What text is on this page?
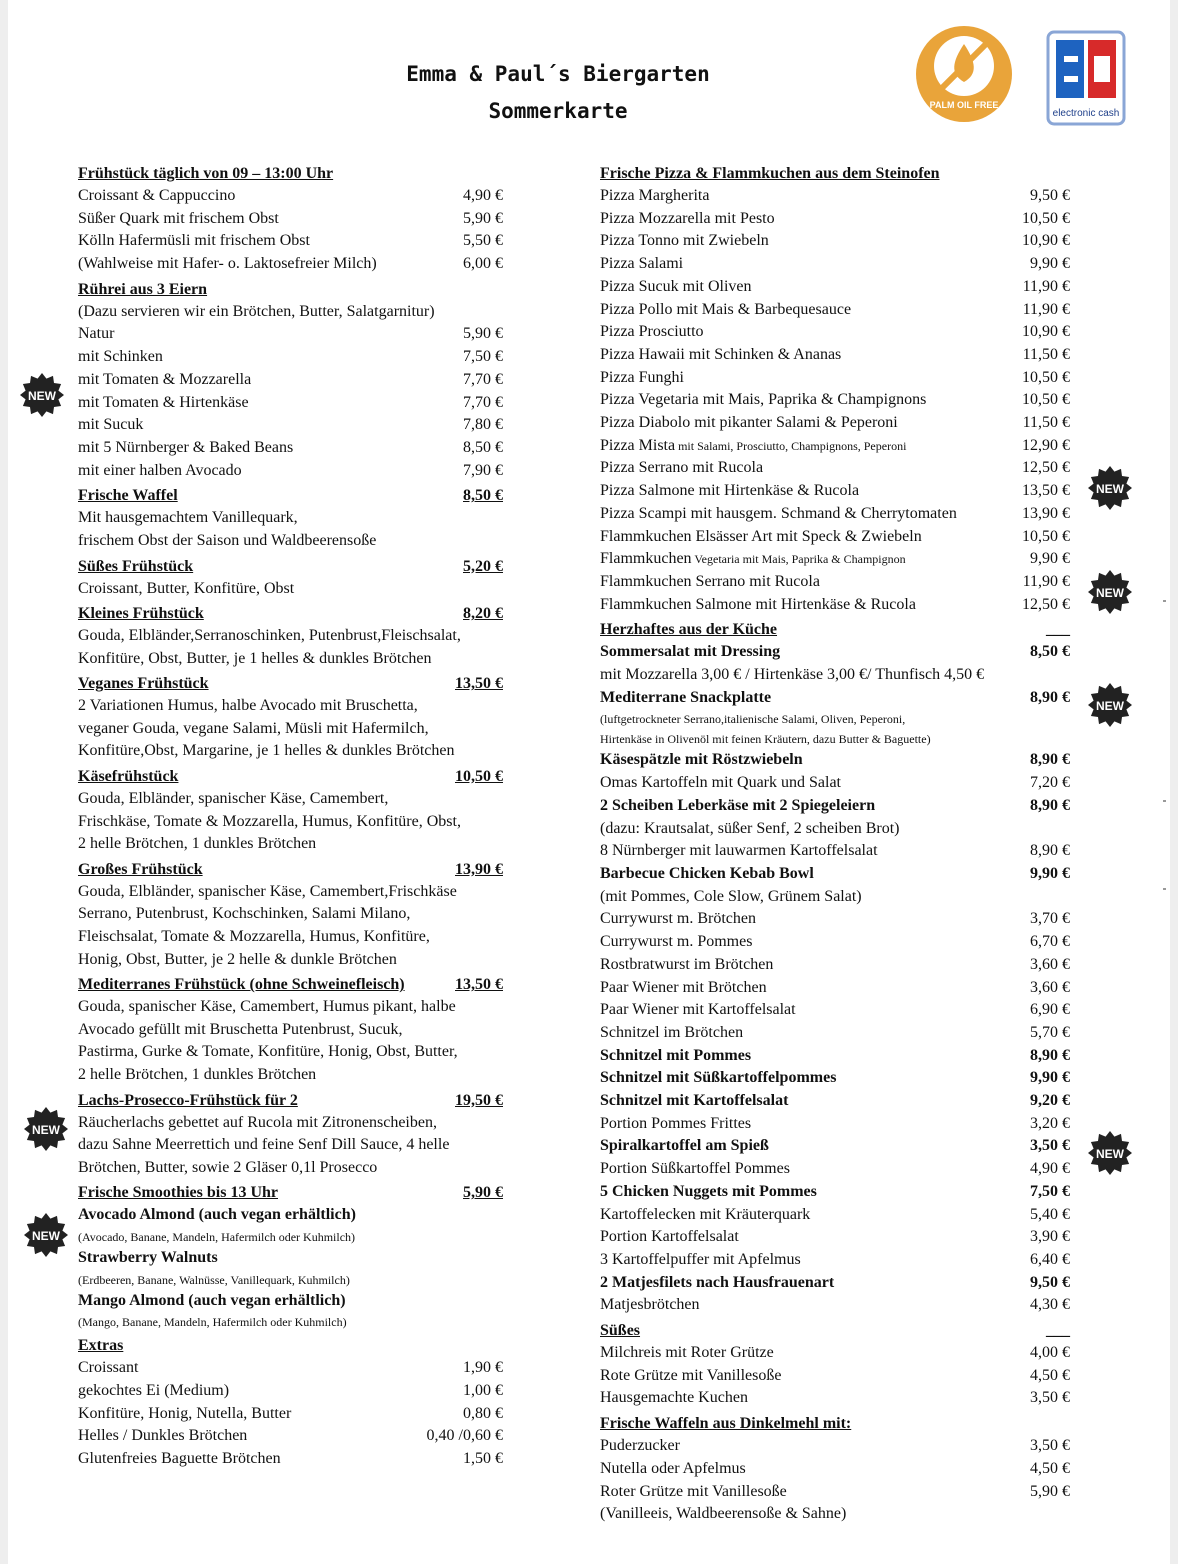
Emma & Paul´s Biergarten
Sommerkarte	PALM OIL FREE
electronic cash
Frühstück täglich von 09 – 13:00 Uhr
Croissant & Cappuccino	4,90 €
Süßer Quark mit frischem Obst	5,90 €
Kölln Hafermüsli mit frischem Obst	5,50 €
(Wahlweise mit Hafer- o. Laktosefreier Milch)	6,00 €
Rührei aus 3 Eiern
(Dazu servieren wir ein Brötchen, Butter, Salatgarnitur)
Natur	5,90 €
mit Schinken	7,50 €
mit Tomaten & Mozzarella	7,70 €
mit Tomaten & Hirtenkäse	7,70 €
mit Sucuk	7,80 €
mit 5 Nürnberger & Baked Beans	8,50 €
mit einer halben Avocado	7,90 €
Frische Waffel	8,50 €
Mit hausgemachtem Vanillequark,
frischem Obst der Saison und Waldbeerensoße
Süßes Frühstück	5,20 €
Croissant, Butter, Konfitüre, Obst
Kleines Frühstück	8,20 €
Gouda, Elbländer,Serranoschinken, Putenbrust,Fleischsalat,
Konfitüre, Obst, Butter, je 1 helles & dunkles Brötchen
Veganes Frühstück	13,50 €
2 Variationen Humus, halbe Avocado mit Bruschetta,
veganer Gouda, vegane Salami, Müsli mit Hafermilch,
Konfitüre,Obst, Margarine, je 1 helles & dunkles Brötchen
Käsefrühstück	10,50 €
Gouda, Elbländer, spanischer Käse, Camembert,
Frischkäse, Tomate & Mozzarella, Humus, Konfitüre, Obst,
2 helle Brötchen, 1 dunkles Brötchen
Großes Frühstück	13,90 €
Gouda, Elbländer, spanischer Käse, Camembert,Frischkäse
Serrano, Putenbrust, Kochschinken, Salami Milano,
Fleischsalat, Tomate & Mozzarella, Humus, Konfitüre,
Honig, Obst, Butter, je 2 helle & dunkle Brötchen
Mediterranes Frühstück (ohne Schweinefleisch)	13,50 €
Gouda, spanischer Käse, Camembert, Humus pikant, halbe
Avocado gefüllt mit Bruschetta Putenbrust, Sucuk,
Pastirma, Gurke & Tomate, Konfitüre, Honig, Obst, Butter,
2 helle Brötchen, 1 dunkles Brötchen
Lachs-Prosecco-Frühstück für 2	19,50 €
Räucherlachs gebettet auf Rucola mit Zitronenscheiben,
dazu Sahne Meerrettich und feine Senf Dill Sauce, 4 helle
Brötchen, Butter, sowie 2 Gläser 0,1l Prosecco
Frische Smoothies bis 13 Uhr	5,90 €
Avocado Almond (auch vegan erhältlich)
(Avocado, Banane, Mandeln, Hafermilch oder Kuhmilch)
Strawberry Walnuts
(Erdbeeren, Banane, Walnüsse, Vanillequark, Kuhmilch)
Mango Almond (auch vegan erhältlich)
(Mango, Banane, Mandeln, Hafermilch oder Kuhmilch)
Extras
Croissant	1,90 €
gekochtes Ei (Medium)	1,00 €
Konfitüre, Honig, Nutella, Butter	0,80 €
Helles / Dunkles Brötchen	0,40 /0,60 €
Glutenfreies Baguette Brötchen	1,50 €
Frische Pizza & Flammkuchen aus dem Steinofen
Pizza Margherita	9,50 €
Pizza Mozzarella mit Pesto	10,50 €
Pizza Tonno mit Zwiebeln	10,90 €
Pizza Salami	9,90 €
Pizza Sucuk mit Oliven	11,90 €
Pizza Pollo mit Mais & Barbequesauce	11,90 €
Pizza Prosciutto	10,90 €
Pizza Hawaii mit Schinken & Ananas	11,50 €
Pizza Funghi	10,50 €
Pizza Vegetaria mit Mais, Paprika & Champignons	10,50 €
Pizza Diabolo mit pikanter Salami & Peperoni	11,50 €
Pizza Mista mit Salami, Prosciutto, Champignons, Peperoni	12,90 €
Pizza Serrano mit Rucola	12,50 €
Pizza Salmone mit Hirtenkäse & Rucola	13,50 €
Pizza Scampi mit hausgem. Schmand & Cherrytomaten	13,90 €
Flammkuchen Elsässer Art mit Speck & Zwiebeln	10,50 €
Flammkuchen Vegetaria mit Mais, Paprika & Champignon	9,90 €
Flammkuchen Serrano mit Rucola	11,90 €
Flammkuchen Salmone mit Hirtenkäse & Rucola	12,50 €
Herzhaftes aus der Küche	___
Sommersalat mit Dressing	8,50 €
mit Mozzarella 3,00 € / Hirtenkäse 3,00 €/ Thunfisch 4,50 €
Mediterrane Snackplatte	8,90 €
(luftgetrockneter Serrano,italienische Salami, Oliven, Peperoni,
Hirtenkäse in Olivenöl mit feinen Kräutern, dazu Butter & Baguette)
Käsespätzle mit Röstzwiebeln	8,90 €
Omas Kartoffeln mit Quark und Salat	7,20 €
2 Scheiben Leberkäse mit 2 Spiegeleiern	8,90 €
(dazu: Krautsalat, süßer Senf, 2 scheiben Brot)
8 Nürnberger mit lauwarmen Kartoffelsalat	8,90 €
Barbecue Chicken Kebab Bowl	9,90 €
(mit Pommes, Cole Slow, Grünem Salat)
Currywurst m. Brötchen	3,70 €
Currywurst m. Pommes	6,70 €
Rostbratwurst im Brötchen	3,60 €
Paar Wiener mit Brötchen	3,60 €
Paar Wiener mit Kartoffelsalat	6,90 €
Schnitzel im Brötchen	5,70 €
Schnitzel mit Pommes	8,90 €
Schnitzel mit Süßkartoffelpommes	9,90 €
Schnitzel mit Kartoffelsalat	9,20 €
Portion Pommes Frittes	3,20 €
Spiralkartoffel am Spieß	3,50 €
Portion Süßkartoffel Pommes	4,90 €
5 Chicken Nuggets mit Pommes	7,50 €
Kartoffelecken mit Kräuterquark	5,40 €
Portion Kartoffelsalat	3,90 €
3 Kartoffelpuffer mit Apfelmus	6,40 €
2 Matjesfilets nach Hausfrauenart	9,50 €
Matjesbrötchen	4,30 €
Süßes	___
Milchreis mit Roter Grütze	4,00 €
Rote Grütze mit Vanillesoße	4,50 €
Hausgemachte Kuchen	3,50 €
Frische Waffeln aus Dinkelmehl mit:
Puderzucker	3,50 €
Nutella oder Apfelmus	4,50 €
Roter Grütze mit Vanillesoße	5,90 €
(Vanilleeis, Waldbeerensoße & Sahne)
NEW
NEW
NEW
NEW
NEW
NEW
NEW
